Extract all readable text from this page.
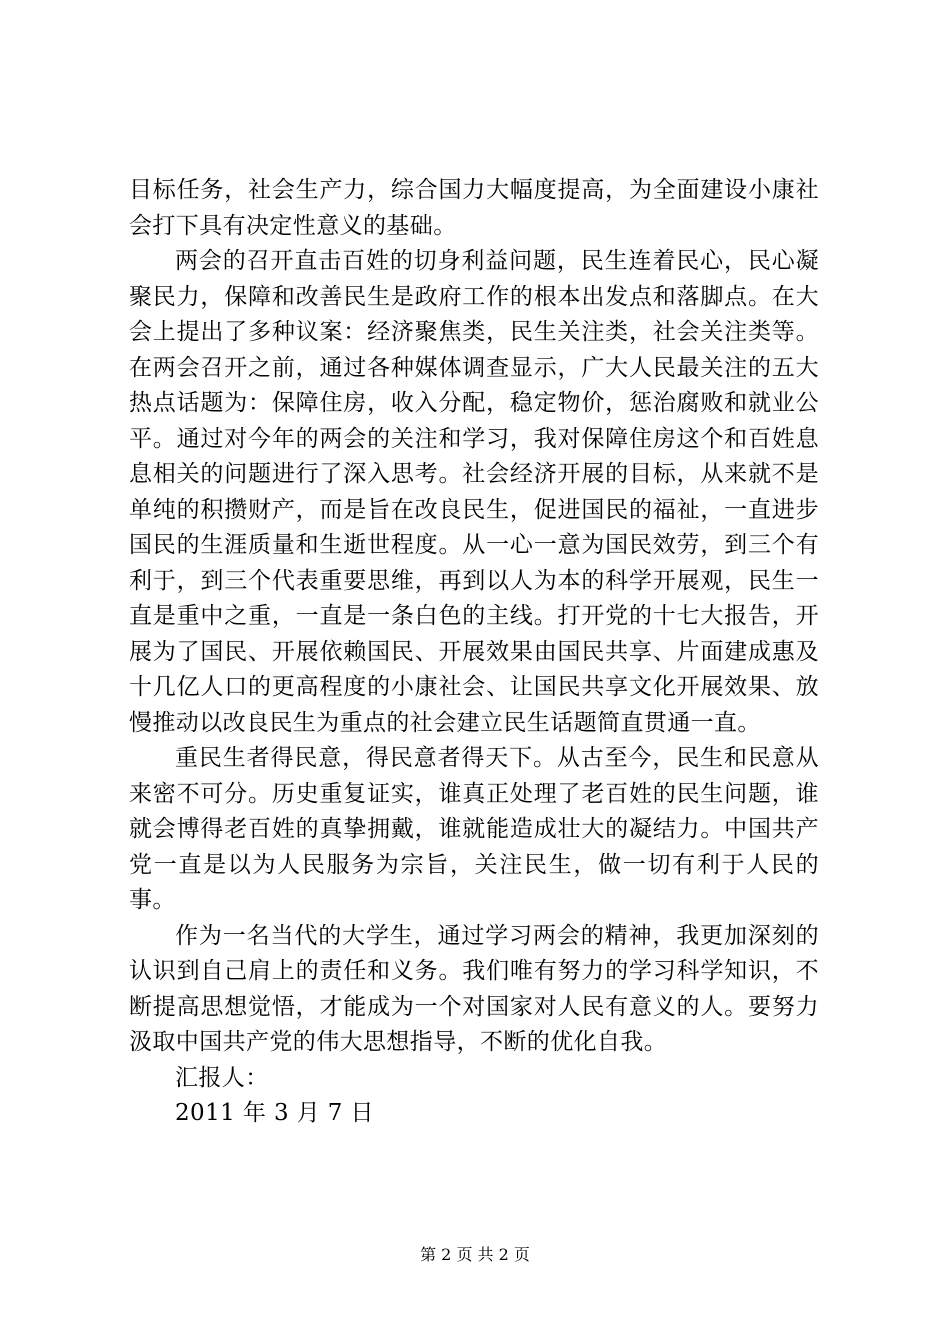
目标任务，社会生产力，综合国力大幅度提高，为全面建设小康社会打下具有决定性意义的基础。

两会的召开直击百姓的切身利益问题，民生连着民心，民心凝聚民力，保障和改善民生是政府工作的根本出发点和落脚点。在大会上提出了多种议案：经济聚焦类，民生关注类，社会关注类等。在两会召开之前，通过各种媒体调查显示，广大人民最关注的五大热点话题为：保障住房，收入分配，稳定物价，惩治腐败和就业公平。通过对今年的两会的关注和学习，我对保障住房这个和百姓息息相关的问题进行了深入思考。社会经济开展的目标，从来就不是单纯的积攒财产，而是旨在改良民生，促进国民的福祉，一直进步国民的生涯质量和生逝世程度。从一心一意为国民效劳，到三个有利于，到三个代表重要思维，再到以人为本的科学开展观，民生一直是重中之重，一直是一条白色的主线。打开党的十七大报告，开展为了国民、开展依赖国民、开展效果由国民共享、片面建成惠及十几亿人口的更高程度的小康社会、让国民共享文化开展效果、放慢推动以改良民生为重点的社会建立民生话题简直贯通一直。

重民生者得民意，得民意者得天下。从古至今，民生和民意从来密不可分。历史重复证实，谁真正处理了老百姓的民生问题，谁就会博得老百姓的真挚拥戴，谁就能造成壮大的凝结力。中国共产党一直是以为人民服务为宗旨，关注民生，做一切有利于人民的事。

作为一名当代的大学生，通过学习两会的精神，我更加深刻的认识到自己肩上的责任和义务。我们唯有努力的学习科学知识，不断提高思想觉悟，才能成为一个对国家对人民有意义的人。要努力汲取中国共产党的伟大思想指导，不断的优化自我。

汇报人：

2011 年 3 月 7 日

第 2 页 共 2 页
